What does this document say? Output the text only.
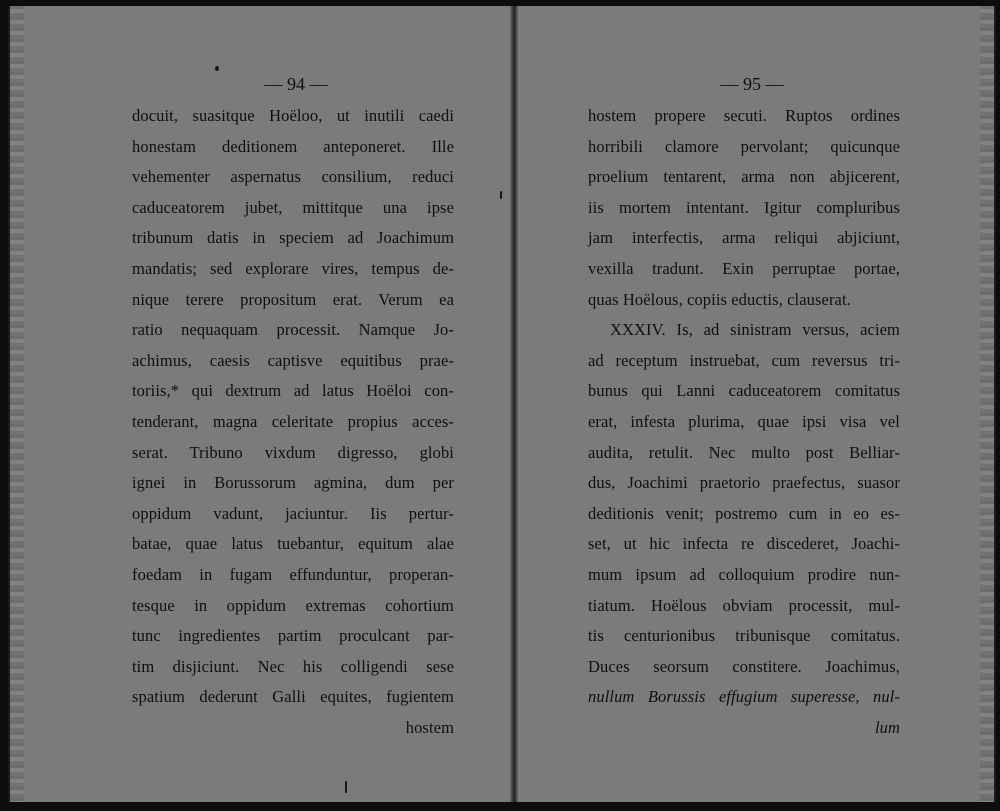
— 94 —
docuit, suasitque Hoëloo, ut inutili caedi
honestam deditionem anteponeret. Ille
vehementer aspernatus consilium, reduci
caduceatorem jubet, mittitque una ipse
tribunum datis in speciem ad Joachimum
mandatis; sed explorare vires, tempus de-
nique terere propositum erat. Verum ea
ratio nequaquam processit. Namque Jo-
achimus, caesis captisve equitibus prae-
toriis,* qui dextrum ad latus Hoëloi con-
tenderant, magna celeritate propius acces-
serat. Tribuno vixdum digresso, globi
ignei in Borussorum agmina, dum per
oppidum vadunt, jaciuntur. Iis pertur-
batae, quae latus tuebantur, equitum alae
foedam in fugam effunduntur, properan-
tesque in oppidum extremas cohortium
tunc ingredientes partim proculcant par-
tim disjiciunt. Nec his colligendi sese
spatium dederunt Galli equites, fugientem
hostem
— 95 —
hostem propere secuti. Ruptos ordines
horribili clamore pervolant; quicunque
proelium tentarent, arma non abjicerent,
iis mortem intentant. Igitur compluribus
jam interfectis, arma reliqui abjiciunt,
vexilla tradunt. Exin perruptae portae,
quas Hoëlous, copiis eductis, clauserat.
XXXIV. Is, ad sinistram versus, aciem
ad receptum instruebat, cum reversus tri-
bunus qui Lanni caduceatorem comitatus
erat, infesta plurima, quae ipsi visa vel
audita, retulit. Nec multo post Belliar-
dus, Joachimi praetorio praefectus, suasor
deditionis venit; postremo cum in eo es-
set, ut hic infecta re discederet, Joachi-
mum ipsum ad colloquium prodire nun-
tiatum. Hoëlous obviam processit, mul-
tis centurionibus tribunisque comitatus.
Duces seorsum constitere. Joachimus,
nullum Borussis effugium superesse, nul-
lum
